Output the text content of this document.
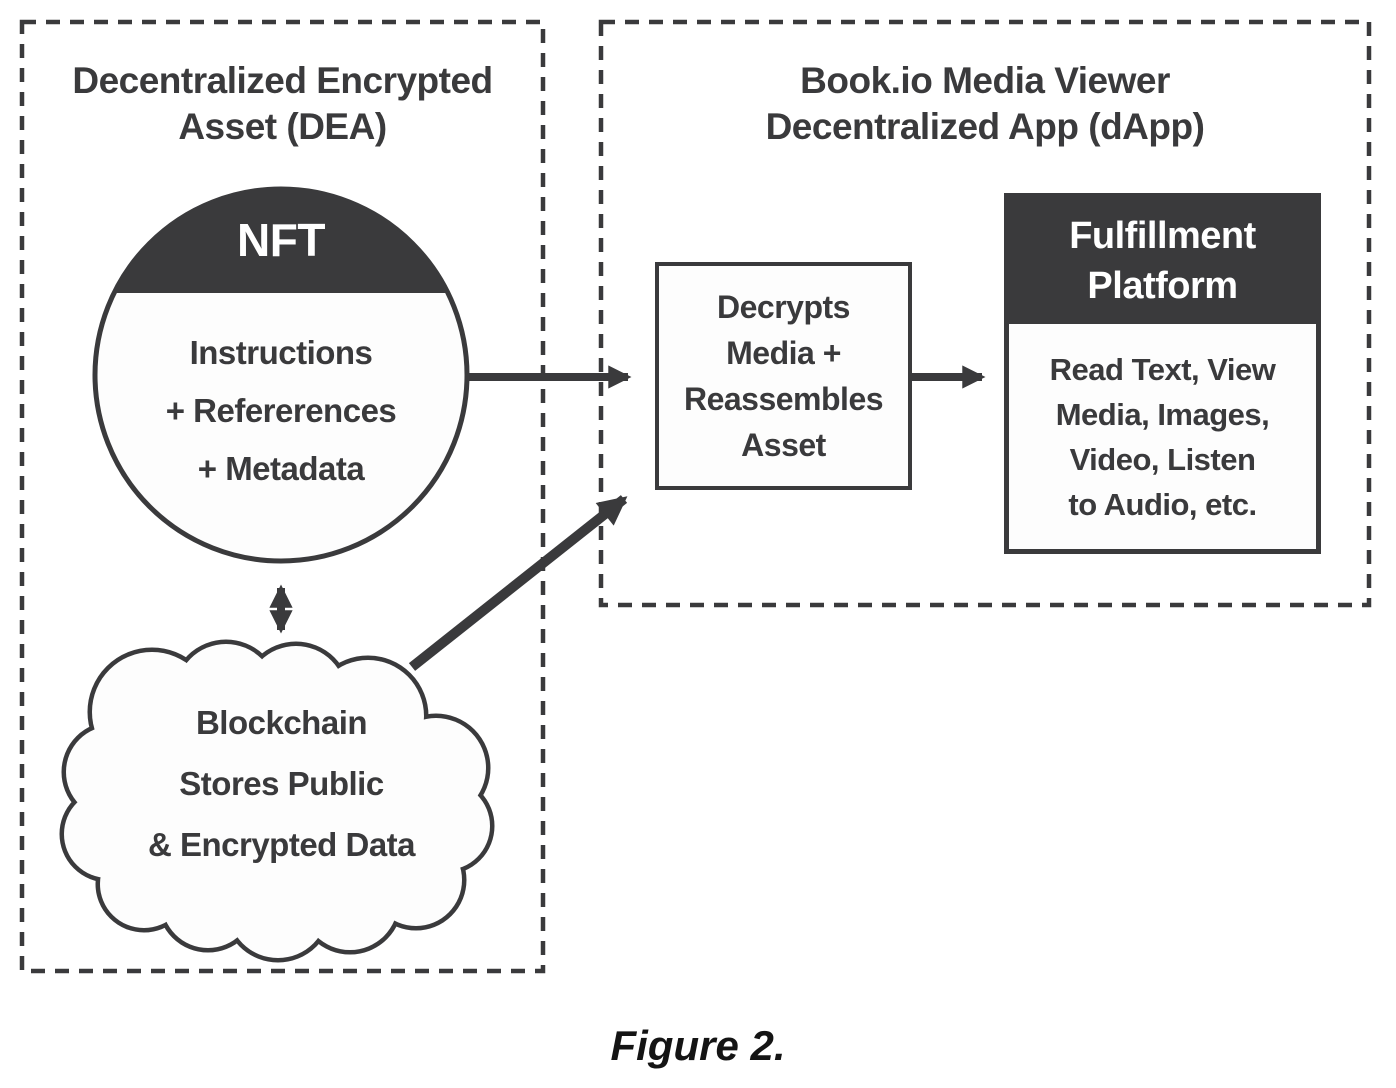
Decentralized Encrypted
Asset (DEA)
Book.io Media Viewer
Decentralized App (dApp)
NFT
Instructions
+ Refererences
+ Metadata
Blockchain
Stores Public
& Encrypted Data
Decrypts
Media +
Reassembles
Asset
Fulfillment
Platform
Read Text, View
Media, Images,
Video, Listen
to Audio, etc.
Figure 2.
